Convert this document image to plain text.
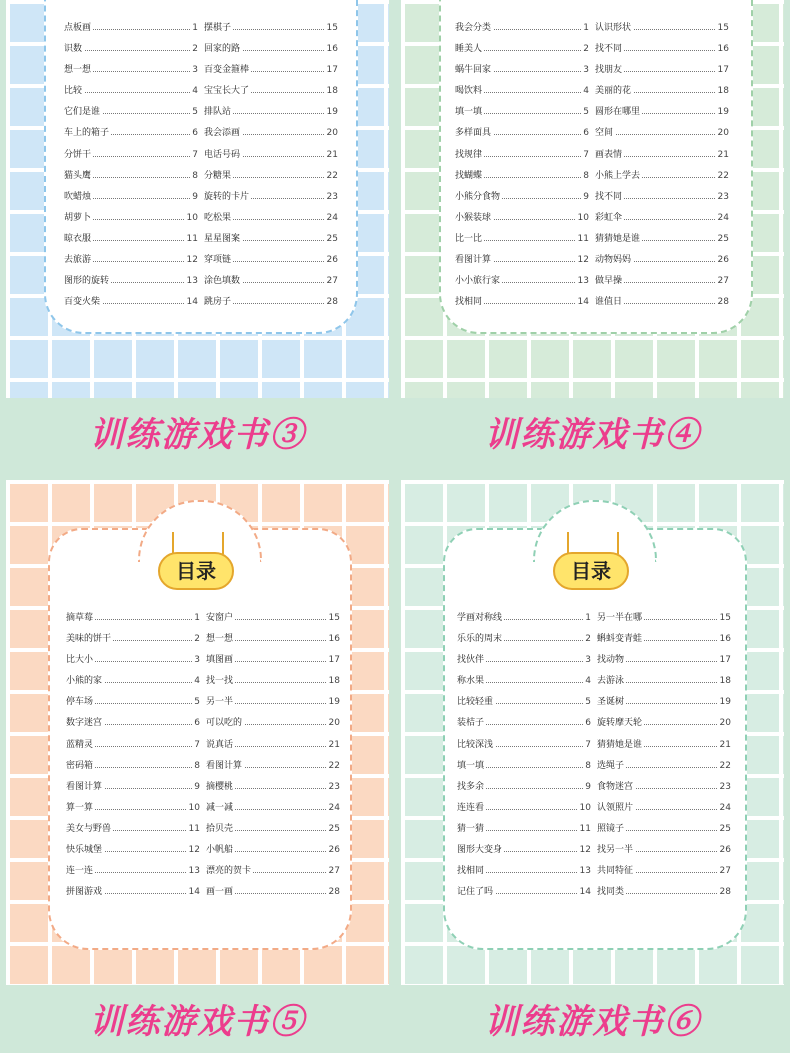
点板画	1
识数	2
想一想	3
比较	4
它们是谁	5
车上的箱子	6
分饼干	7
猫头鹰	8
吹蜡烛	9
胡萝卜	10
晾衣服	11
去旅游	12
图形的旋转	13
百变火柴	14
摆棋子	15
回家的路	16
百变金箍棒	17
宝宝长大了	18
排队站	19
我会添画	20
电话号码	21
分糖果	22
旋转的卡片	23
吃松果	24
星星图案	25
穿项链	26
涂色填数	27
跳房子	28
训练游戏书③
我会分类	1
睡美人	2
蜗牛回家	3
喝饮料	4
填一填	5
多样面具	6
找规律	7
找蝴蝶	8
小熊分食物	9
小猴装球	10
比一比	11
看图计算	12
小小旅行家	13
找相同	14
认识形状	15
找不同	16
找朋友	17
美丽的花	18
圆形在哪里	19
空间	20
画表情	21
小熊上学去	22
找不同	23
彩虹伞	24
猜猜她是谁	25
动物妈妈	26
做早操	27
谁值日	28
训练游戏书④
目录
摘草莓	1
美味的饼干	2
比大小	3
小熊的家	4
停车场	5
数字迷宫	6
蓝精灵	7
密码箱	8
看图计算	9
算一算	10
美女与野兽	11
快乐城堡	12
连一连	13
拼图游戏	14
安窗户	15
想一想	16
填图画	17
找一找	18
另一半	19
可以吃的	20
说真话	21
看图计算	22
摘樱桃	23
减一减	24
拾贝壳	25
小帆船	26
漂亮的贺卡	27
画一画	28
训练游戏书⑤
目录
学画对称线	1
乐乐的周末	2
找伙伴	3
称水果	4
比较轻重	5
装桔子	6
比较深浅	7
填一填	8
找多余	9
连连看	10
猜一猜	11
图形大变身	12
找相同	13
记住了吗	14
另一半在哪	15
蝌蚪变青蛙	16
找动物	17
去游泳	18
圣诞树	19
旋转摩天轮	20
猜猜她是谁	21
选绳子	22
食物迷宫	23
认领照片	24
照镜子	25
找另一半	26
共同特征	27
找同类	28
训练游戏书⑥
